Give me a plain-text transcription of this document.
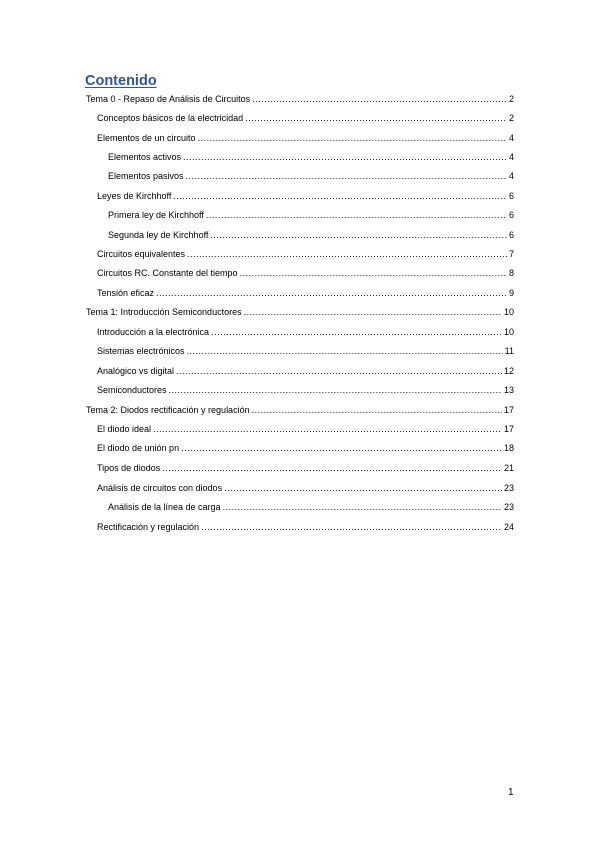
Contenido
Tema 0 - Repaso de Análisis de Circuitos .....	2
Conceptos básicos de la electricidad .....	2
Elementos de un circuito .....	4
Elementos activos .....	4
Elementos pasivos .....	4
Leyes de Kirchhoff .....	6
Primera ley de Kirchhoff .....	6
Segunda ley de Kirchhoff .....	6
Circuitos equivalentes .....	7
Circuitos RC. Constante del tiempo .....	8
Tensión eficaz .....	9
Tema 1: Introducción Semiconductores .....	10
Introducción a la electrónica .....	10
Sistemas electrónicos .....	11
Analógico vs digital .....	12
Semiconductores .....	13
Tema 2: Diodos rectificación y regulación .....	17
El diodo ideal .....	17
El diodo de unión pn .....	18
Tipos de diodos .....	21
Análisis de circuitos con diodos .....	23
Análisis de la línea de carga .....	23
Rectificación y regulación .....	24
1
